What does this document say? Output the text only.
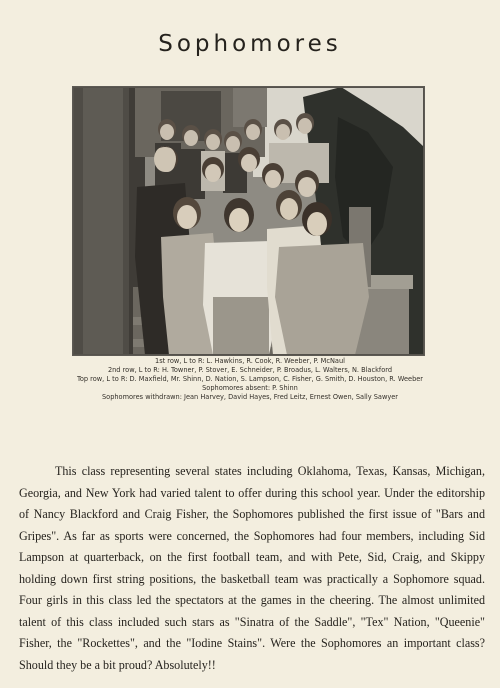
Sophomores
1st row, L to R: L. Hawkins, R. Cook, R. Weeber, P. McNaul
2nd row, L to R: H. Towner, P. Stover, E. Schneider, P. Broadus, L. Walters, N. Blackford
Top row, L to R: D. Maxfield, Mr. Shinn, D. Nation, S. Lampson, C. Fisher, G. Smith, D. Houston, R. Weeber
Sophomores absent: P. Shinn
Sophomores withdrawn: Jean Harvey, David Hayes, Fred Leitz, Ernest Owen, Sally Sawyer

This class representing several states including Oklahoma, Texas, Kansas, Michigan, Georgia, and New York had varied talent to offer during this school year. Under the editorship of Nancy Blackford and Craig Fisher, the Sophomores published the first issue of "Bars and Gripes". As far as sports were concerned, the Sophomores had four members, including Sid Lampson at quarterback, on the first football team, and with Pete, Sid, Craig, and Skippy holding down first string positions, the basketball team was practically a Sophomore squad. Four girls in this class led the spectators at the games in the cheering. The almost unlimited talent of this class included such stars as "Sinatra of the Saddle", "Tex" Nation, "Queenie" Fisher, the "Rockettes", and the "Iodine Stains". Were the Sophomores an important class? Should they be a bit proud? Absolutely!!
